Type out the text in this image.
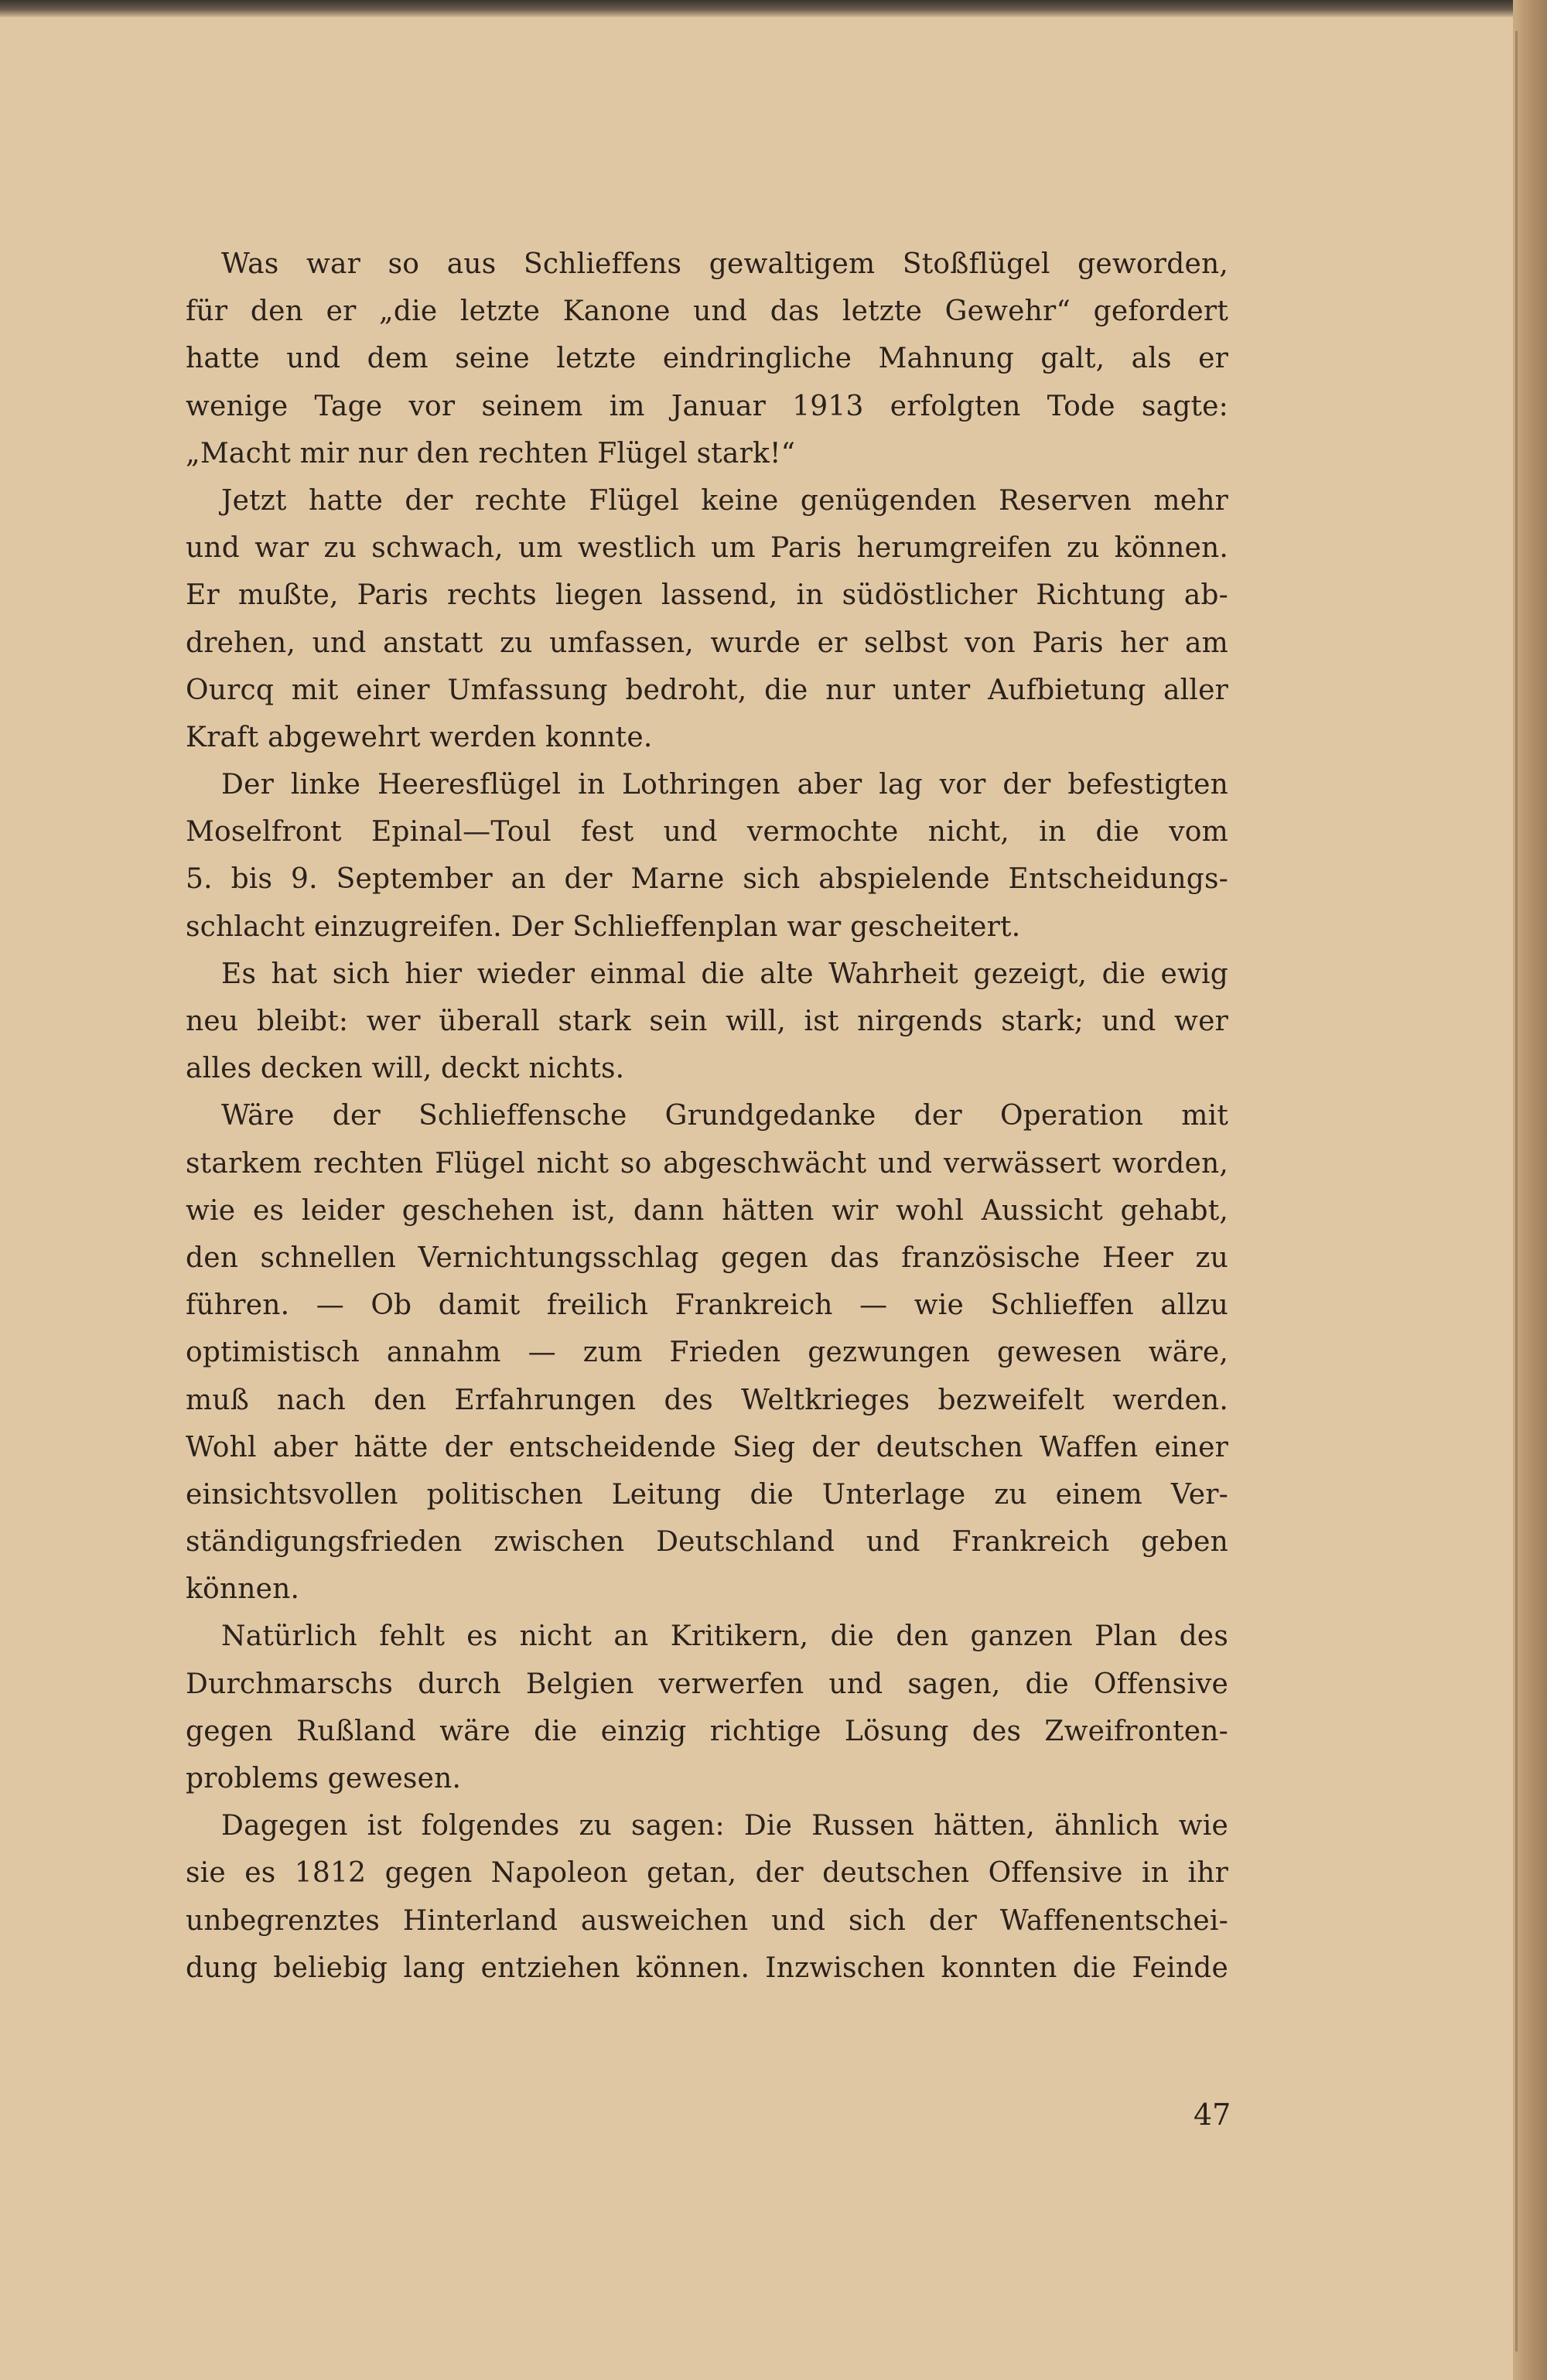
Was war so aus Schlieffens gewaltigem Stoßflügel geworden,
für den er „die letzte Kanone und das letzte Gewehr“ gefordert
hatte und dem seine letzte eindringliche Mahnung galt, als er
wenige Tage vor seinem im Januar 1913 erfolgten Tode sagte:
„Macht mir nur den rechten Flügel stark!“
Jetzt hatte der rechte Flügel keine genügenden Reserven mehr
und war zu schwach, um westlich um Paris herumgreifen zu können.
Er mußte, Paris rechts liegen lassend, in südöstlicher Richtung ab-
drehen, und anstatt zu umfassen, wurde er selbst von Paris her am
Ourcq mit einer Umfassung bedroht, die nur unter Aufbietung aller
Kraft abgewehrt werden konnte.
Der linke Heeresflügel in Lothringen aber lag vor der befestigten
Moselfront Epinal—Toul fest und vermochte nicht, in die vom
5. bis 9. September an der Marne sich abspielende Entscheidungs-
schlacht einzugreifen. Der Schlieffenplan war gescheitert.
Es hat sich hier wieder einmal die alte Wahrheit gezeigt, die ewig
neu bleibt: wer überall stark sein will, ist nirgends stark; und wer
alles decken will, deckt nichts.
Wäre der Schlieffensche Grundgedanke der Operation mit
starkem rechten Flügel nicht so abgeschwächt und verwässert worden,
wie es leider geschehen ist, dann hätten wir wohl Aussicht gehabt,
den schnellen Vernichtungsschlag gegen das französische Heer zu
führen. — Ob damit freilich Frankreich — wie Schlieffen allzu
optimistisch annahm — zum Frieden gezwungen gewesen wäre,
muß nach den Erfahrungen des Weltkrieges bezweifelt werden.
Wohl aber hätte der entscheidende Sieg der deutschen Waffen einer
einsichtsvollen politischen Leitung die Unterlage zu einem Ver-
ständigungsfrieden zwischen Deutschland und Frankreich geben
können.
Natürlich fehlt es nicht an Kritikern, die den ganzen Plan des
Durchmarschs durch Belgien verwerfen und sagen, die Offensive
gegen Rußland wäre die einzig richtige Lösung des Zweifronten-
problems gewesen.
Dagegen ist folgendes zu sagen: Die Russen hätten, ähnlich wie
sie es 1812 gegen Napoleon getan, der deutschen Offensive in ihr
unbegrenztes Hinterland ausweichen und sich der Waffenentschei-
dung beliebig lang entziehen können. Inzwischen konnten die Feinde
47
